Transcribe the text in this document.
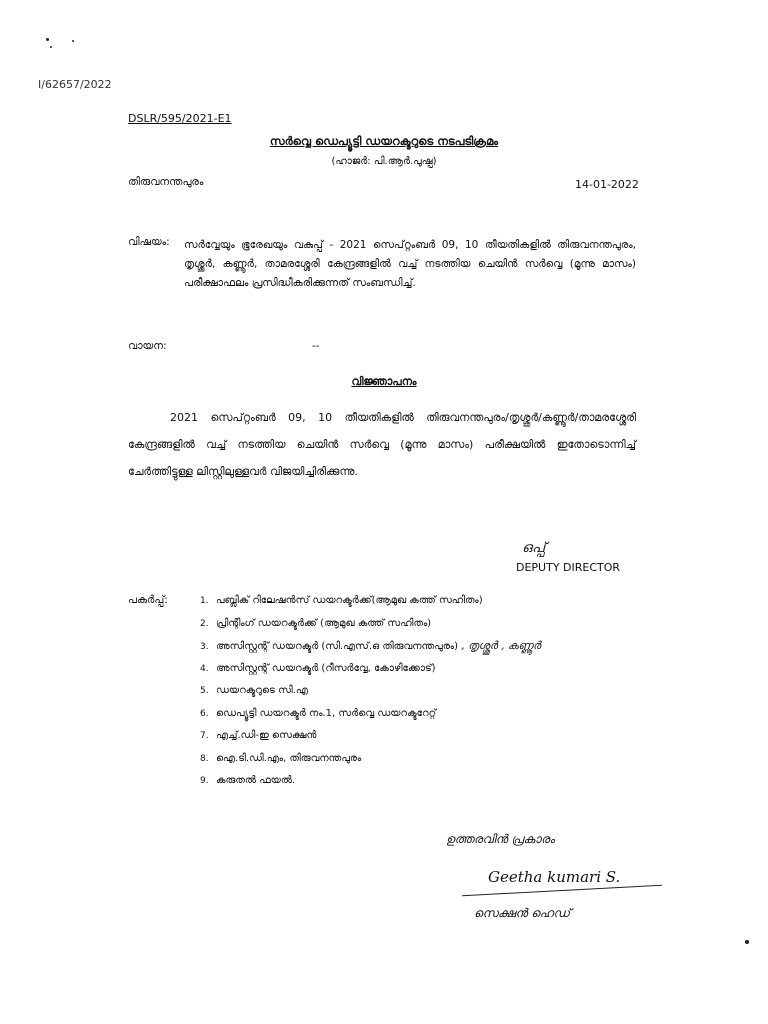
I/62657/2022
DSLR/595/2021-E1
സർവ്വെ ഡെപ്യൂട്ടി ഡയറക്ടറുടെ നടപടിക്രമം
(ഹാജർ: പി.ആർ.പുഷ്പ)
തിരുവനന്തപുരം	14-01-2022
വിഷയം: സർവ്വേയും ഭൂരേഖയും വകുപ്പ് - 2021 സെപ്റ്റംബർ 09, 10 തീയതികളിൽ തിരുവനന്തപുരം, തൃശ്ശൂർ, കണ്ണൂർ, താമരശ്ശേരി കേന്ദ്രങ്ങളിൽ വച്ച് നടത്തിയ ചെയിൻ സർവ്വെ (മൂന്നു മാസം) പരീക്ഷാഫലം പ്രസിദ്ധീകരിക്കുന്നത് സംബന്ധിച്ച്.
വായന:	--
വിജ്ഞാപനം
2021 സെപ്റ്റംബർ 09, 10 തീയതികളിൽ തിരുവനന്തപുരം/തൃശ്ശൂർ/കണ്ണൂർ/താമരശ്ശേരി കേന്ദ്രങ്ങളിൽ വച്ച് നടത്തിയ ചെയിൻ സർവ്വെ (മൂന്നു മാസം) പരീക്ഷയിൽ ഇതോടൊന്നിച്ച് ചേർത്തിട്ടുള്ള ലിസ്റ്റിലുള്ളവർ വിജയിച്ചിരിക്കുന്നു.
ഒപ്പ്
DEPUTY DIRECTOR
പകർപ്പ്:	1. പബ്ലിക് റിലേഷൻസ് ഡയറക്ടർക്ക്(ആമുഖ കത്ത് സഹിതം)
2. പ്രിന്റിംഗ് ഡയറക്ടർക്ക് (ആമുഖ കത്ത് സഹിതം)
3. അസിസ്റ്റന്റ് ഡയറക്ടർ (സി.എസ്.ഒ തിരുവനന്തപുരം) , തൃശ്ശൂർ , കണ്ണൂർ
4. അസിസ്റ്റന്റ് ഡയറക്ടർ (റീസർവ്വേ, കോഴിക്കോട്)
5. ഡയറക്ടറുടെ സി.എ
6. ഡെപ്യൂട്ടി ഡയറക്ടർ നം.1, സർവ്വെ ഡയറക്ടറേറ്റ്
7. എച്ച്.ഡി-ഇ സെക്ഷൻ
8. ഐ.ടി.ഡി.എം, തിരുവനന്തപുരം
9. കരുതൽ ഫയൽ.
ഉത്തരവിൻ പ്രകാരം
Geetha kumari S.
സെക്ഷൻ ഹെഡ്
